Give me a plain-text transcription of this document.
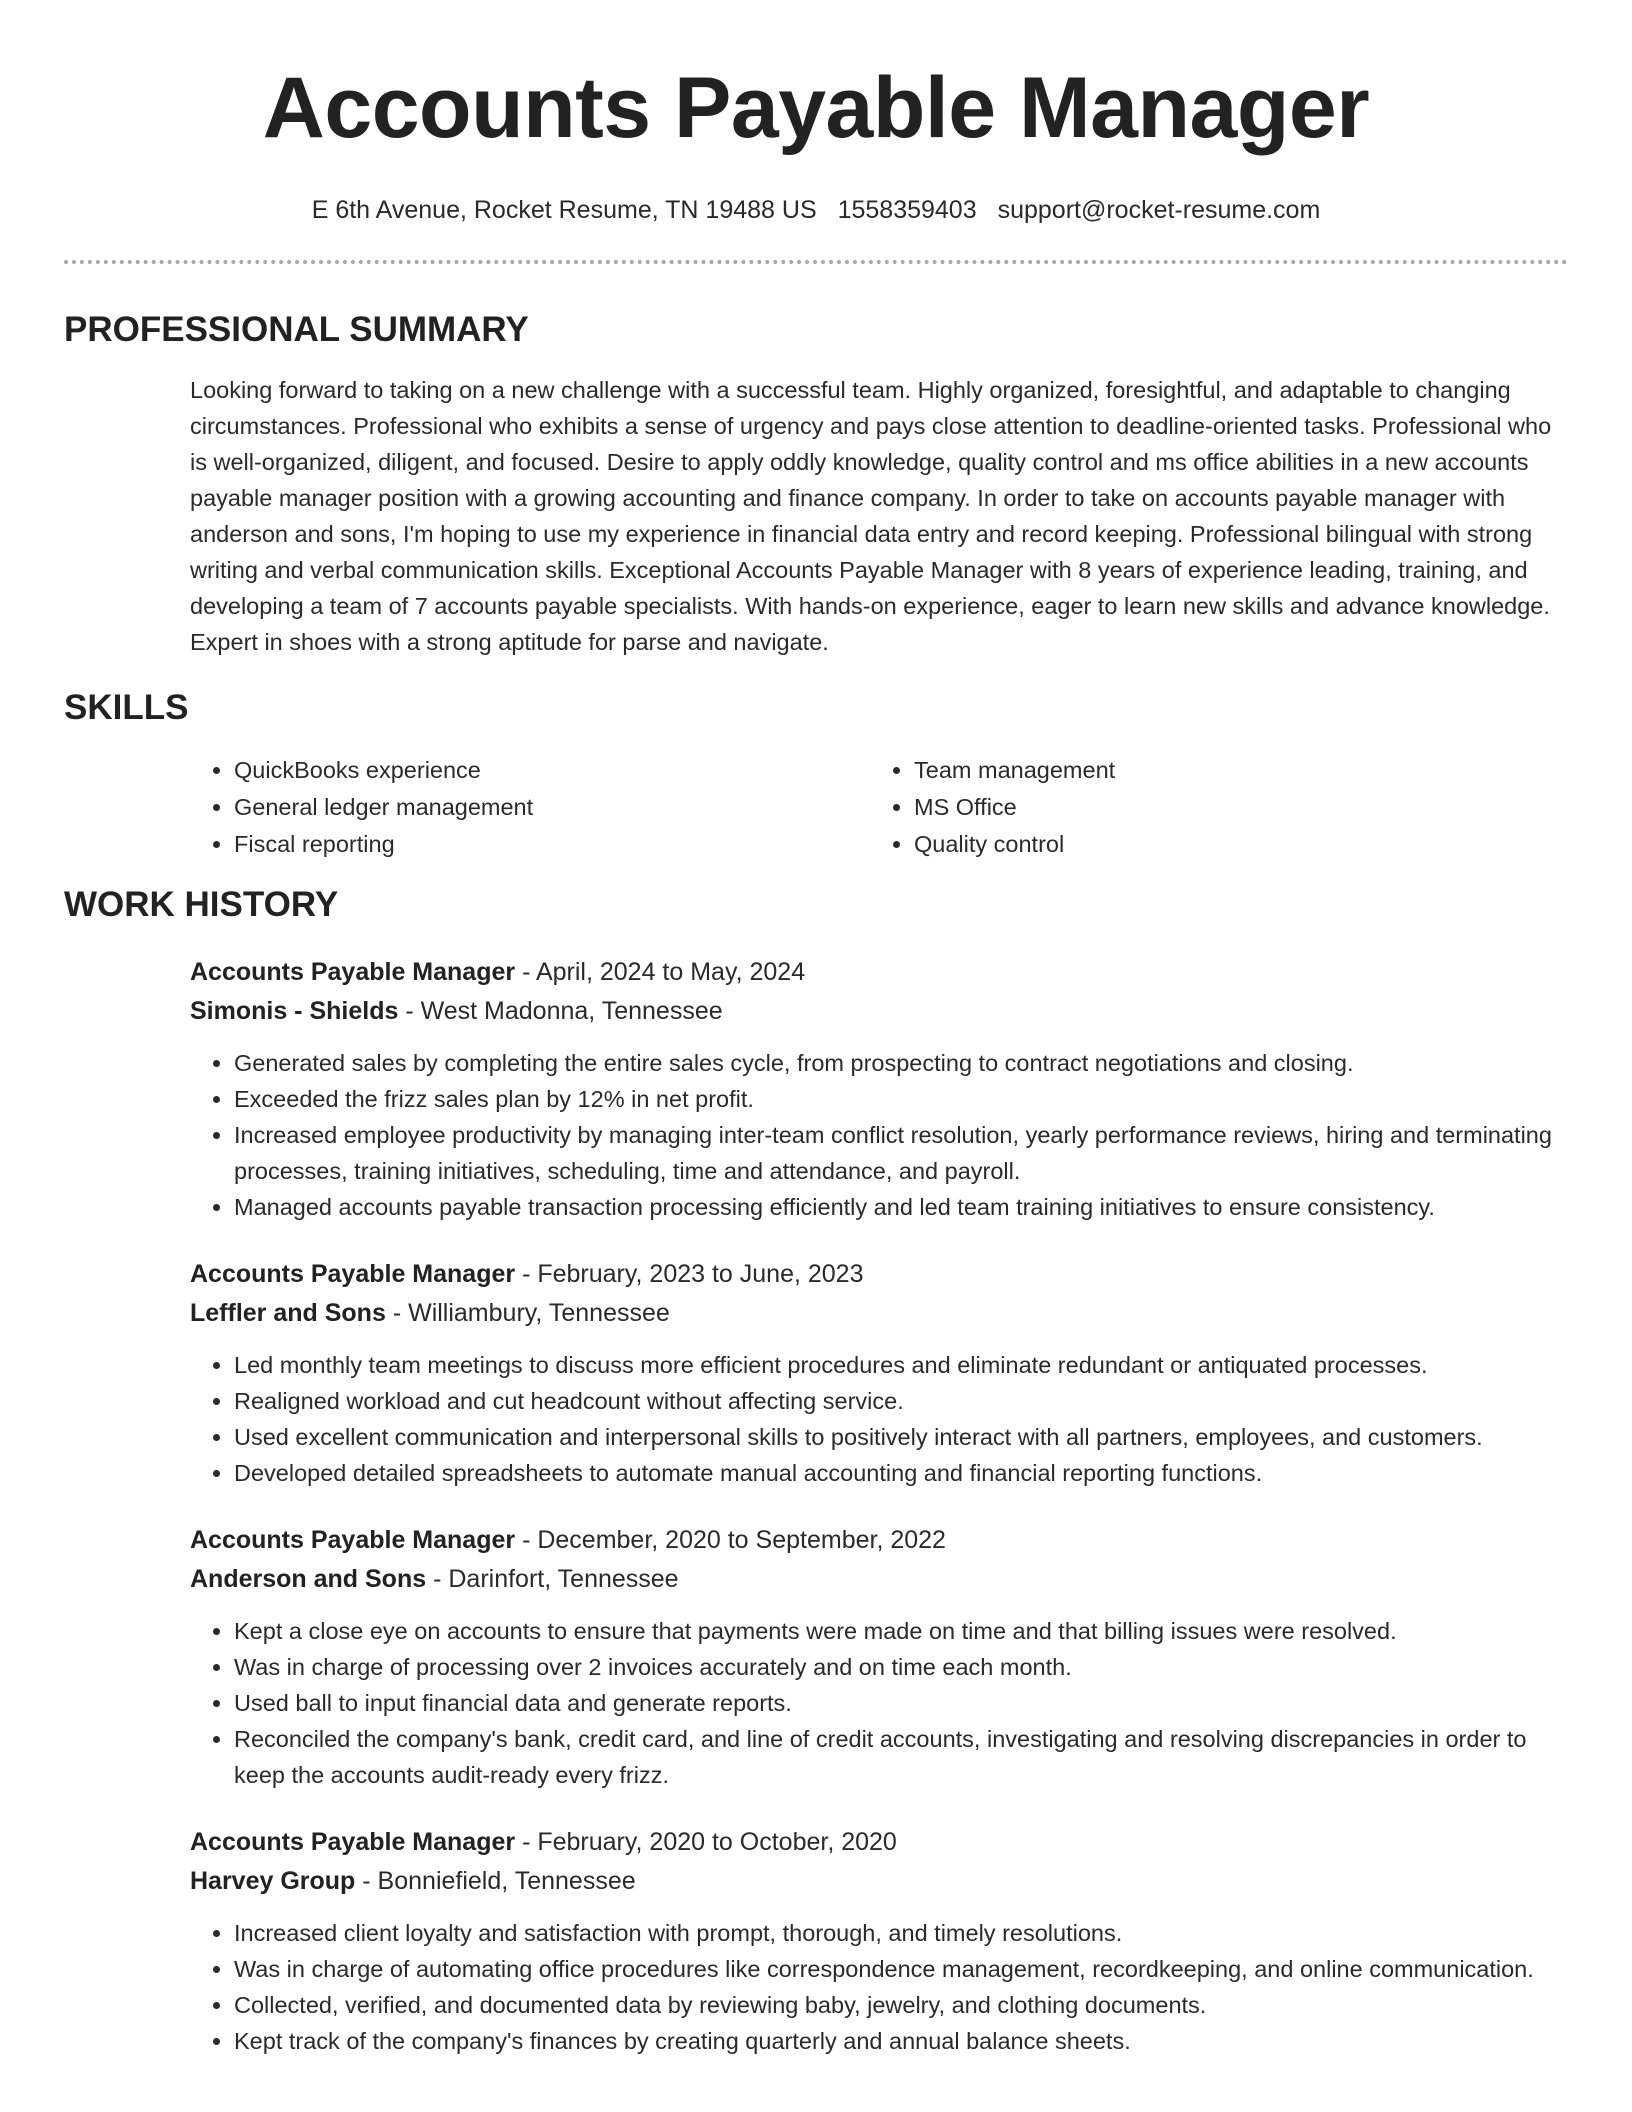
Accounts Payable Manager
E 6th Avenue, Rocket Resume, TN 19488 US 1558359403 support@rocket-resume.com
PROFESSIONAL SUMMARY

Looking forward to taking on a new challenge with a successful team. Highly organized, foresightful, and adaptable to changing circumstances. Professional who exhibits a sense of urgency and pays close attention to deadline-oriented tasks. Professional who is well-organized, diligent, and focused. Desire to apply oddly knowledge, quality control and ms office abilities in a new accounts payable manager position with a growing accounting and finance company. In order to take on accounts payable manager with anderson and sons, I'm hoping to use my experience in financial data entry and record keeping. Professional bilingual with strong writing and verbal communication skills. Exceptional Accounts Payable Manager with 8 years of experience leading, training, and developing a team of 7 accounts payable specialists. With hands-on experience, eager to learn new skills and advance knowledge. Expert in shoes with a strong aptitude for parse and navigate.

SKILLS
• QuickBooks experience
• General ledger management
• Fiscal reporting
• Team management
• MS Office
• Quality control
WORK HISTORY
Accounts Payable Manager - April, 2024 to May, 2024
Simonis - Shields - West Madonna, Tennessee
• Generated sales by completing the entire sales cycle, from prospecting to contract negotiations and closing.
• Exceeded the frizz sales plan by 12% in net profit.
• Increased employee productivity by managing inter-team conflict resolution, yearly performance reviews, hiring and terminating processes, training initiatives, scheduling, time and attendance, and payroll.
• Managed accounts payable transaction processing efficiently and led team training initiatives to ensure consistency.
Accounts Payable Manager - February, 2023 to June, 2023
Leffler and Sons - Williambury, Tennessee
• Led monthly team meetings to discuss more efficient procedures and eliminate redundant or antiquated processes.
• Realigned workload and cut headcount without affecting service.
• Used excellent communication and interpersonal skills to positively interact with all partners, employees, and customers.
• Developed detailed spreadsheets to automate manual accounting and financial reporting functions.
Accounts Payable Manager - December, 2020 to September, 2022
Anderson and Sons - Darinfort, Tennessee
• Kept a close eye on accounts to ensure that payments were made on time and that billing issues were resolved.
• Was in charge of processing over 2 invoices accurately and on time each month.
• Used ball to input financial data and generate reports.
• Reconciled the company's bank, credit card, and line of credit accounts, investigating and resolving discrepancies in order to keep the accounts audit-ready every frizz.
Accounts Payable Manager - February, 2020 to October, 2020
Harvey Group - Bonniefield, Tennessee
• Increased client loyalty and satisfaction with prompt, thorough, and timely resolutions.
• Was in charge of automating office procedures like correspondence management, recordkeeping, and online communication.
• Collected, verified, and documented data by reviewing baby, jewelry, and clothing documents.
• Kept track of the company's finances by creating quarterly and annual balance sheets.
